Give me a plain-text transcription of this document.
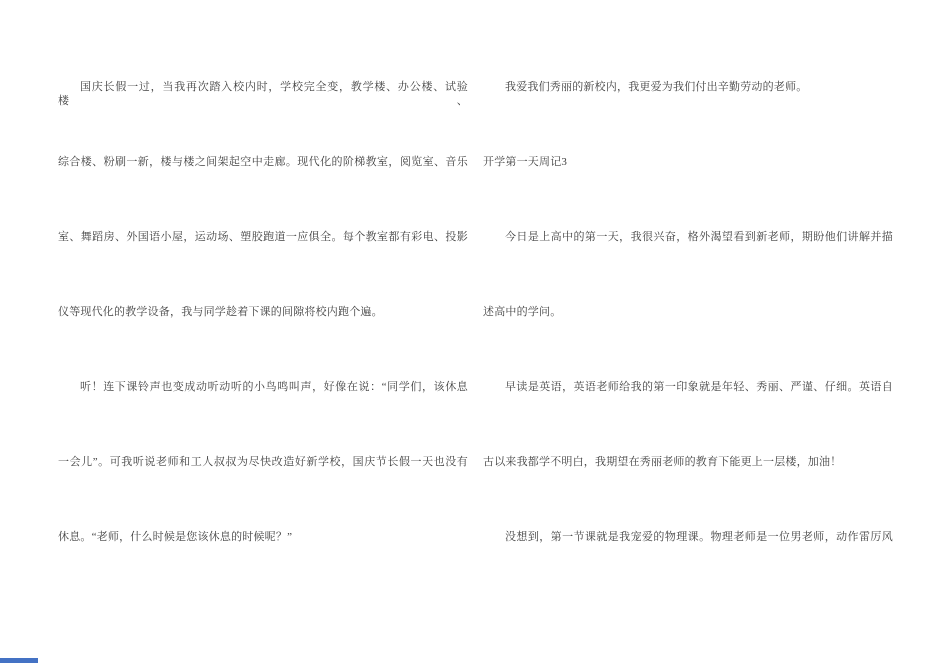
国庆长假一过，当我再次踏入校内时，学校完全变，教学楼、办公楼、试验楼、
综合楼、粉刷一新，楼与楼之间架起空中走廊。现代化的阶梯教室，阅览室、音乐
室、舞蹈房、外国语小屋，运动场、塑胶跑道一应俱全。每个教室都有彩电、投影
仪等现代化的教学设备，我与同学趁着下课的间隙将校内跑个遍。
听！连下课铃声也变成动听动听的小鸟鸣叫声，好像在说：“同学们，该休息
一会儿”。可我听说老师和工人叔叔为尽快改造好新学校，国庆节长假一天也没有
休息。“老师，什么时候是您该休息的时候呢？”
我爱我们秀丽的新校内，我更爱为我们付出辛勤劳动的老师。
开学第一天周记3
今日是上高中的第一天，我很兴奋，格外渴望看到新老师，期盼他们讲解并描
述高中的学问。
早读是英语，英语老师给我的第一印象就是年轻、秀丽、严谨、仔细。英语自
古以来我都学不明白，我期望在秀丽老师的教育下能更上一层楼，加油！
没想到，第一节课就是我宠爱的物理课。物理老师是一位男老师，动作雷厉风
